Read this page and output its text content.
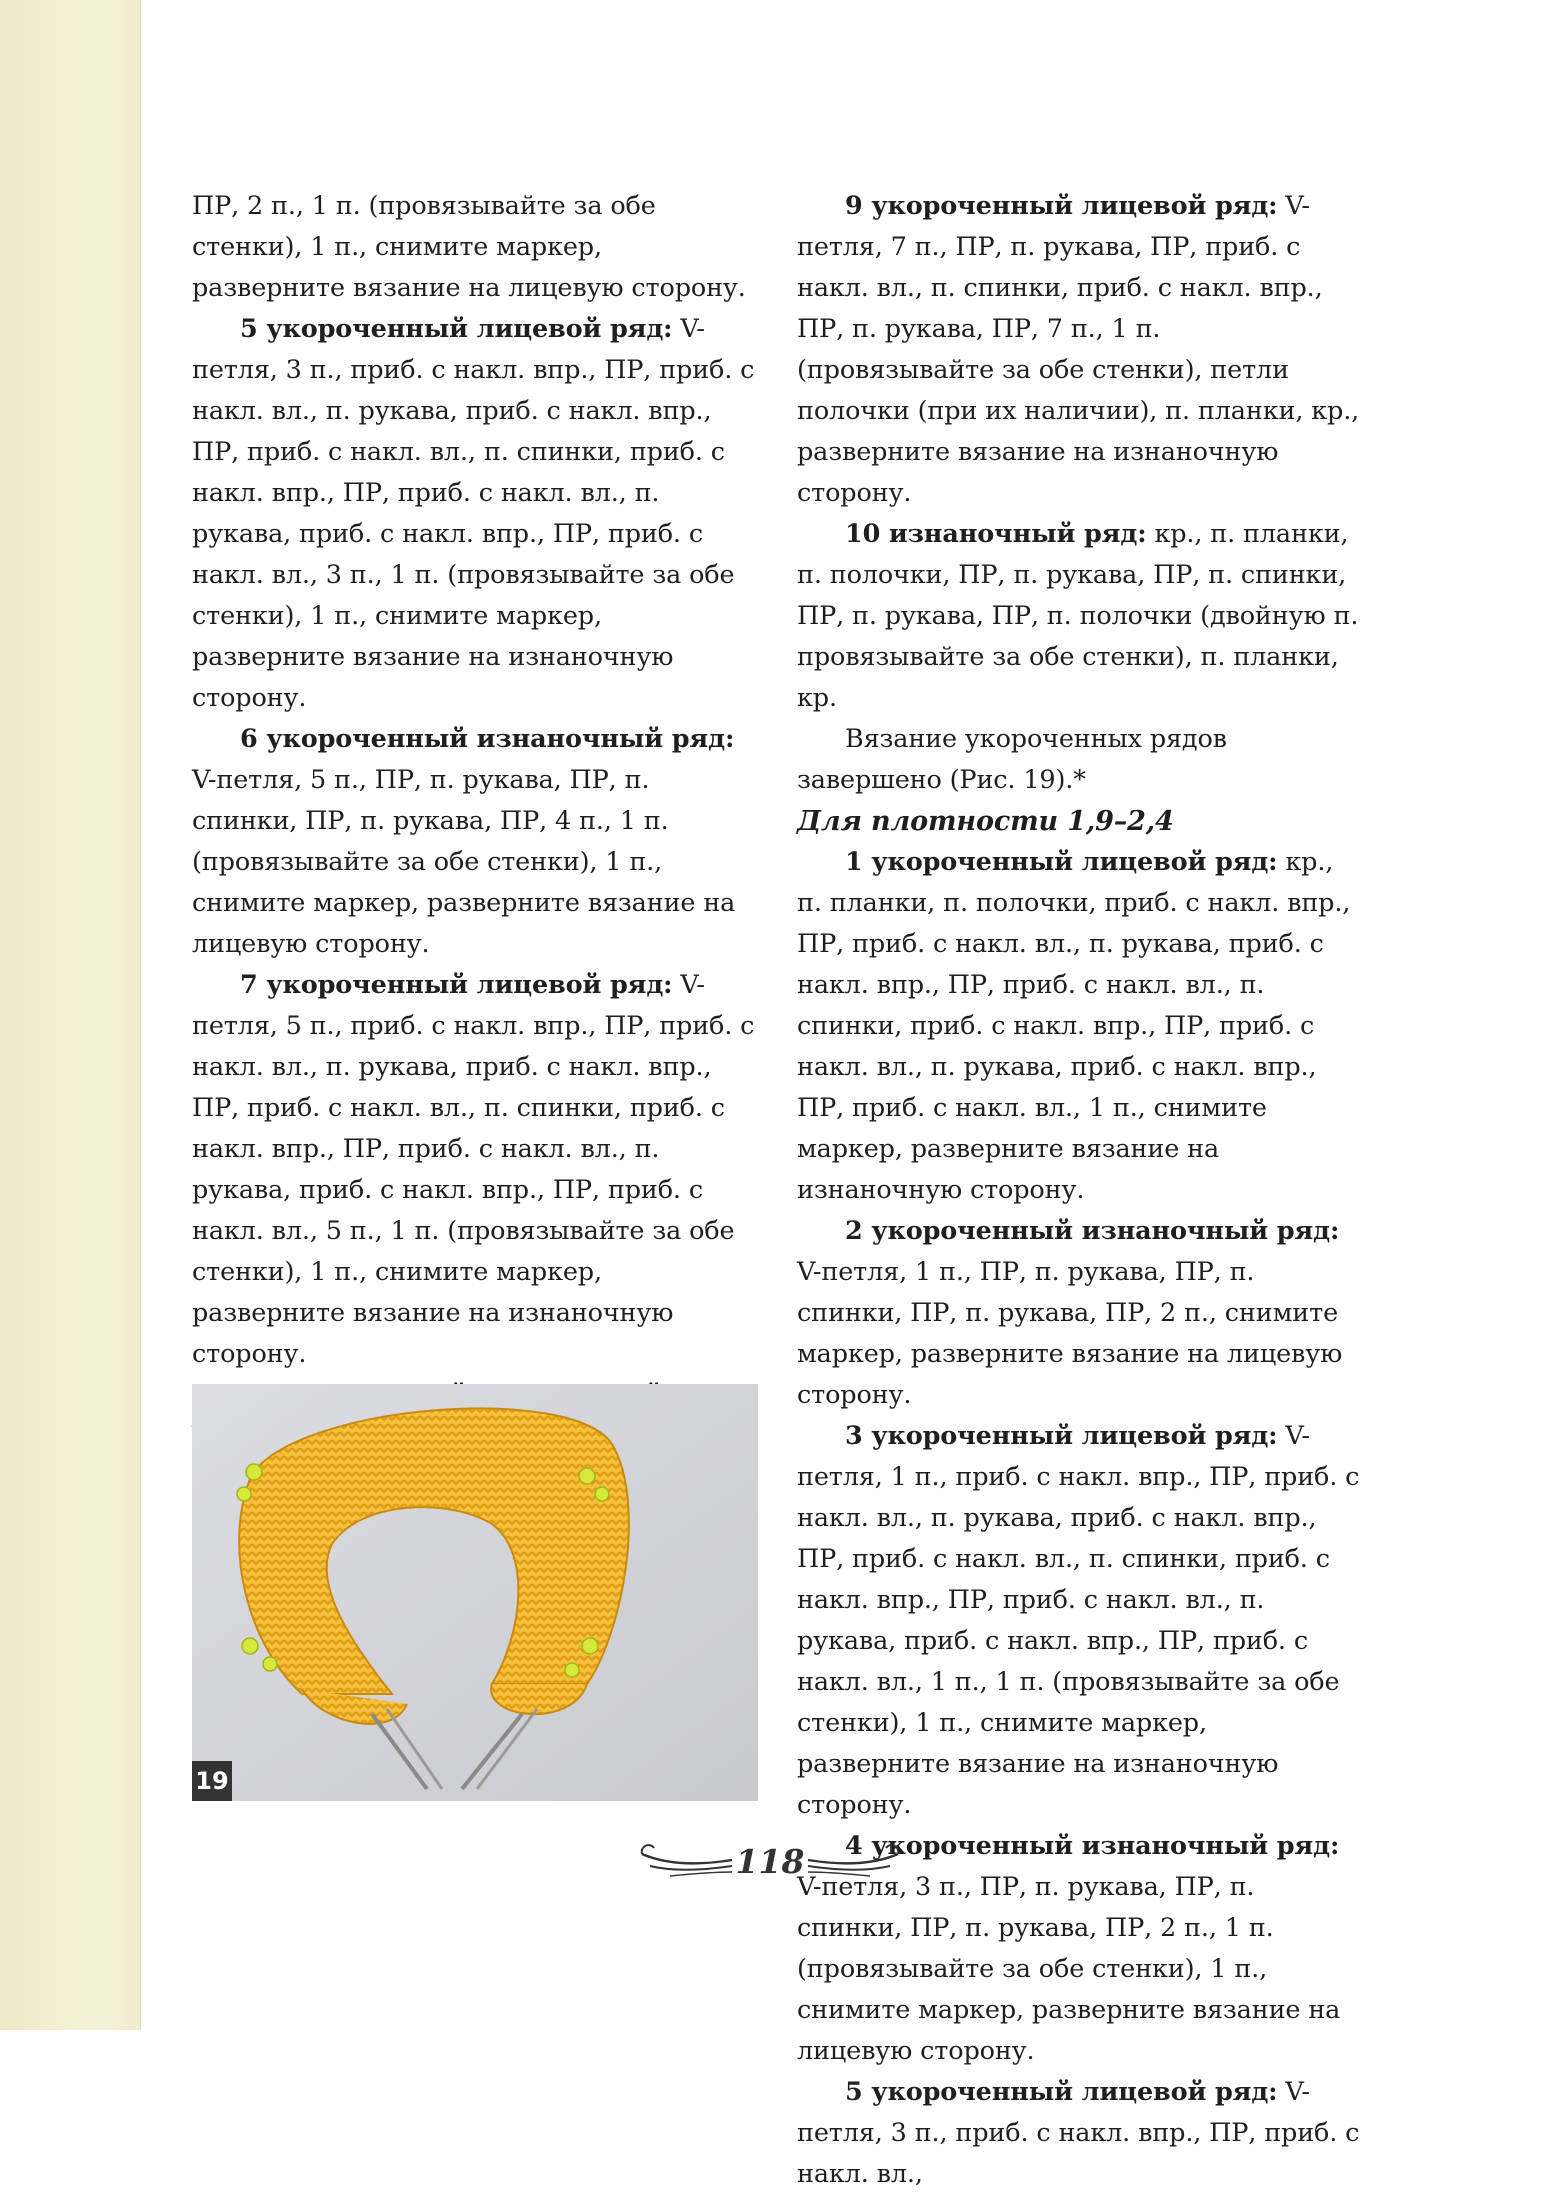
ПР, 2 п., 1 п. (провязывайте за обе стенки), 1 п., снимите маркер, разверните вязание на лицевую сторону.

5 укороченный лицевой ряд: V-петля, 3 п., приб. с накл. впр., ПР, приб. с накл. вл., п. рукава, приб. с накл. впр., ПР, приб. с накл. вл., п. спинки, приб. с накл. впр., ПР, приб. с накл. вл., п. рукава, приб. с накл. впр., ПР, приб. с накл. вл., 3 п., 1 п. (провязывайте за обе стенки), 1 п., снимите маркер, разверните вязание на изнаночную сторону.

6 укороченный изнаночный ряд: V-петля, 5 п., ПР, п. рукава, ПР, п. спинки, ПР, п. рукава, ПР, 4 п., 1 п. (провязывайте за обе стенки), 1 п., снимите маркер, разверните вязание на лицевую сторону.

7 укороченный лицевой ряд: V-петля, 5 п., приб. с накл. впр., ПР, приб. с накл. вл., п. рукава, приб. с накл. впр., ПР, приб. с накл. вл., п. спинки, приб. с накл. впр., ПР, приб. с накл. вл., п. рукава, приб. с накл. впр., ПР, приб. с накл. вл., 5 п., 1 п. (провязывайте за обе стенки), 1 п., снимите маркер, разверните вязание на изнаночную сторону.

19

9 укороченный лицевой ряд: V-петля, 7 п., ПР, п. рукава, ПР, приб. с накл. вл., п. спинки, приб. с накл. впр., ПР, п. рукава, ПР, 7 п., 1 п. (провязывайте за обе стенки), петли полочки (при их наличии), п. планки, кр., разверните вязание на изнаночную сторону.

10 изнаночный ряд: кр., п. планки, п. полочки, ПР, п. рукава, ПР, п. спинки, ПР, п. рукава, ПР, п. полочки (двойную п. провязывайте за обе стенки), п. планки, кр.

Вязание укороченных рядов завершено (Рис. 19).*

Для плотности 1,9–2,4

1 укороченный лицевой ряд: кр., п. планки, п. полочки, приб. с накл. впр., ПР, приб. с накл. вл., п. рукава, приб. с накл. впр., ПР, приб. с накл. вл., п. спинки, приб. с накл. впр., ПР, приб. с накл. вл., п. рукава, приб. с накл. впр., ПР, приб. с накл. вл., 1 п., снимите маркер, разверните вязание на изнаночную сторону.

2 укороченный изнаночный ряд: V-петля, 1 п., ПР, п. рукава, ПР, п. спинки, ПР, п. рукава, ПР, 2 п., снимите маркер, разверните вязание на лицевую сторону.

3 укороченный лицевой ряд: V-петля, 1 п., приб. с накл. впр., ПР, приб. с накл. вл., п. рукава, приб. с накл. впр., ПР, приб. с накл. вл., п. спинки, приб. с накл. впр., ПР, приб. с накл. вл., п. рукава, приб. с накл. впр., ПР, приб. с накл. вл., 1 п., 1 п. (провязывайте за обе стенки), 1 п., снимите маркер, разверните вязание на изнаночную сторону.

4 укороченный изнаночный ряд: V-петля, 3 п., ПР, п. рукава, ПР, п. спинки, ПР, п. рукава, ПР, 2 п., 1 п. (провязывайте за обе стенки), 1 п., снимите маркер, разверните вязание на лицевую сторону.

5 укороченный лицевой ряд: V-петля, 3 п., приб. с накл. впр., ПР, приб. с накл. вл.,

118
